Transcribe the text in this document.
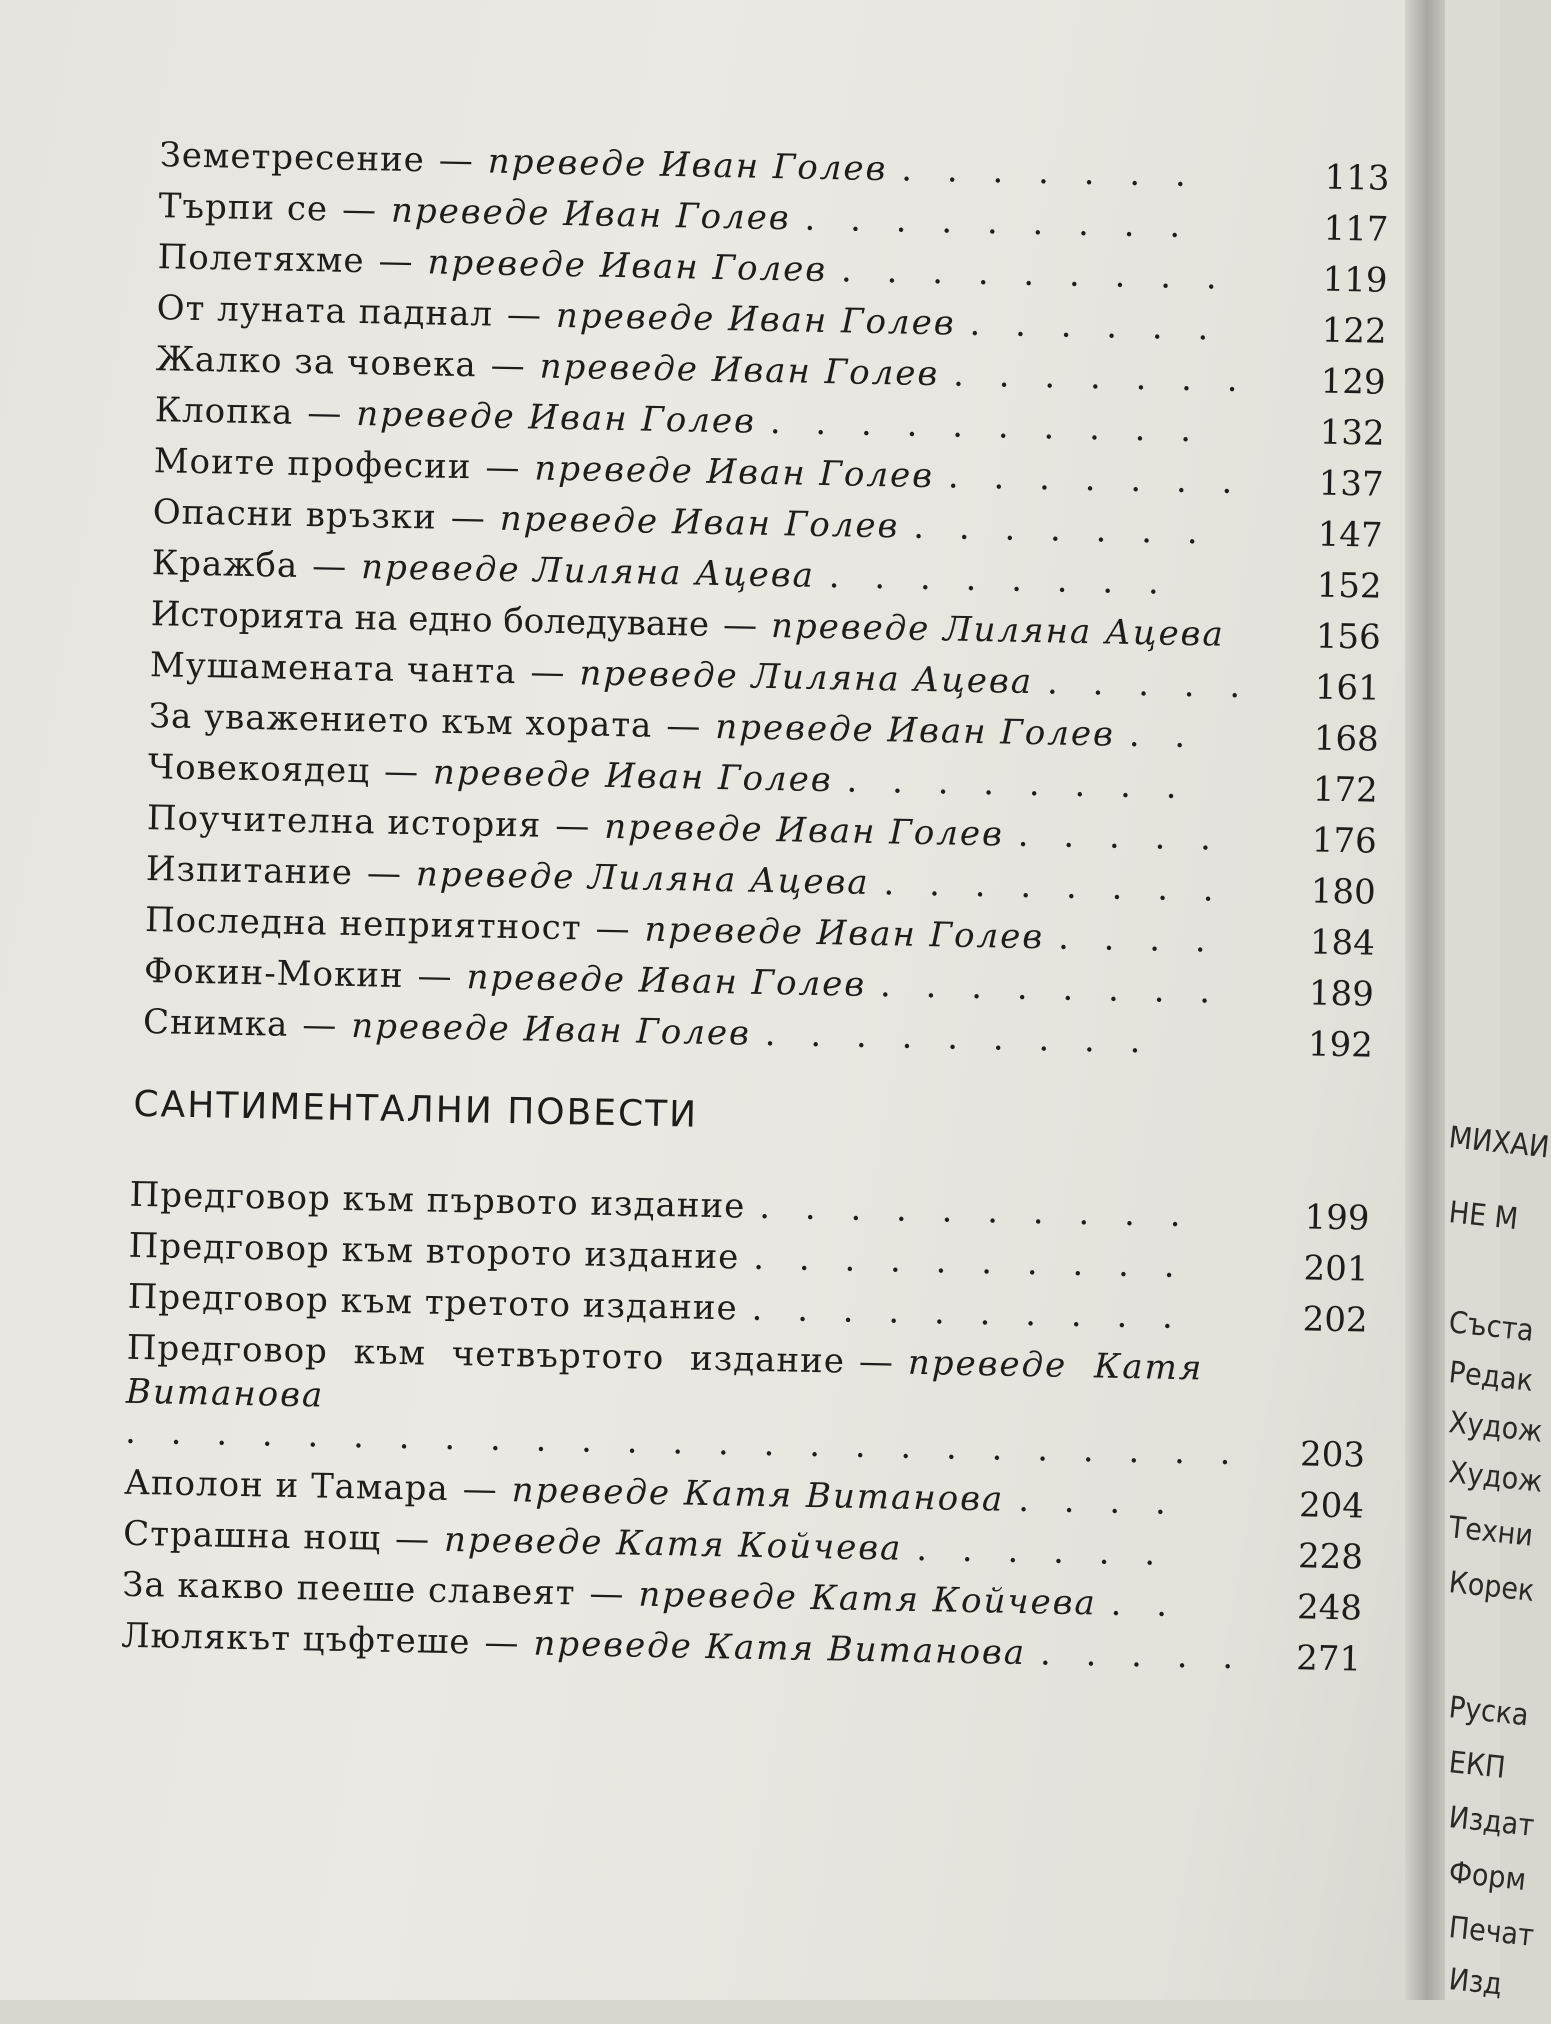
Земетресение — преведе Иван Голев . . . . . . .	113
Търпи се — преведе Иван Голев . . . . . . . . .	117
Полетяхме — преведе Иван Голев . . . . . . . . .	119
От луната паднал — преведе Иван Голев . . . . . .	122
Жалко за човека — преведе Иван Голев . . . . . . .	129
Клопка — преведе Иван Голев . . . . . . . . . .	132
Моите професии — преведе Иван Голев . . . . . . .	137
Опасни връзки — преведе Иван Голев . . . . . . .	147
Кражба — преведе Лиляна Ацева . . . . . . . .	152
Историята на едно боледуване — преведе Лиляна Ацева	156
Мушамената чанта — преведе Лиляна Ацева . . . . .	161
За уважението към хората — преведе Иван Голев . .	168
Човекоядец — преведе Иван Голев . . . . . . . .	172
Поучителна история — преведе Иван Голев . . . . .	176
Изпитание — преведе Лиляна Ацева . . . . . . . .	180
Последна неприятност — преведе Иван Голев . . . .	184
Фокин-Мокин — преведе Иван Голев . . . . . . . .	189
Снимка — преведе Иван Голев . . . . . . . . .	192
САНТИМЕНТАЛНИ ПОВЕСТИ
Предговор към първото издание . . . . . . . . . .	199
Предговор към второто издание . . . . . . . . . .	201
Предговор към третото издание . . . . . . . . . .	202
Предговор към четвъртото издание — преведе Катя
Витанова
. . . . . . . . . . . . . . . . . . . . . . . . .	203
Аполон и Тамара — преведе Катя Витанова . . . .	204
Страшна нощ — преведе Катя Койчева . . . . . .	228
За какво пееше славеят — преведе Катя Койчева . .	248
Люлякът цъфтеше — преведе Катя Витанова . . . . .	271
МИХАИ
НЕ М
Съста
Редак
Худож
Худож
Техни
Корек
Руска
ЕКП
Издат
Форм
Печат
Изд
